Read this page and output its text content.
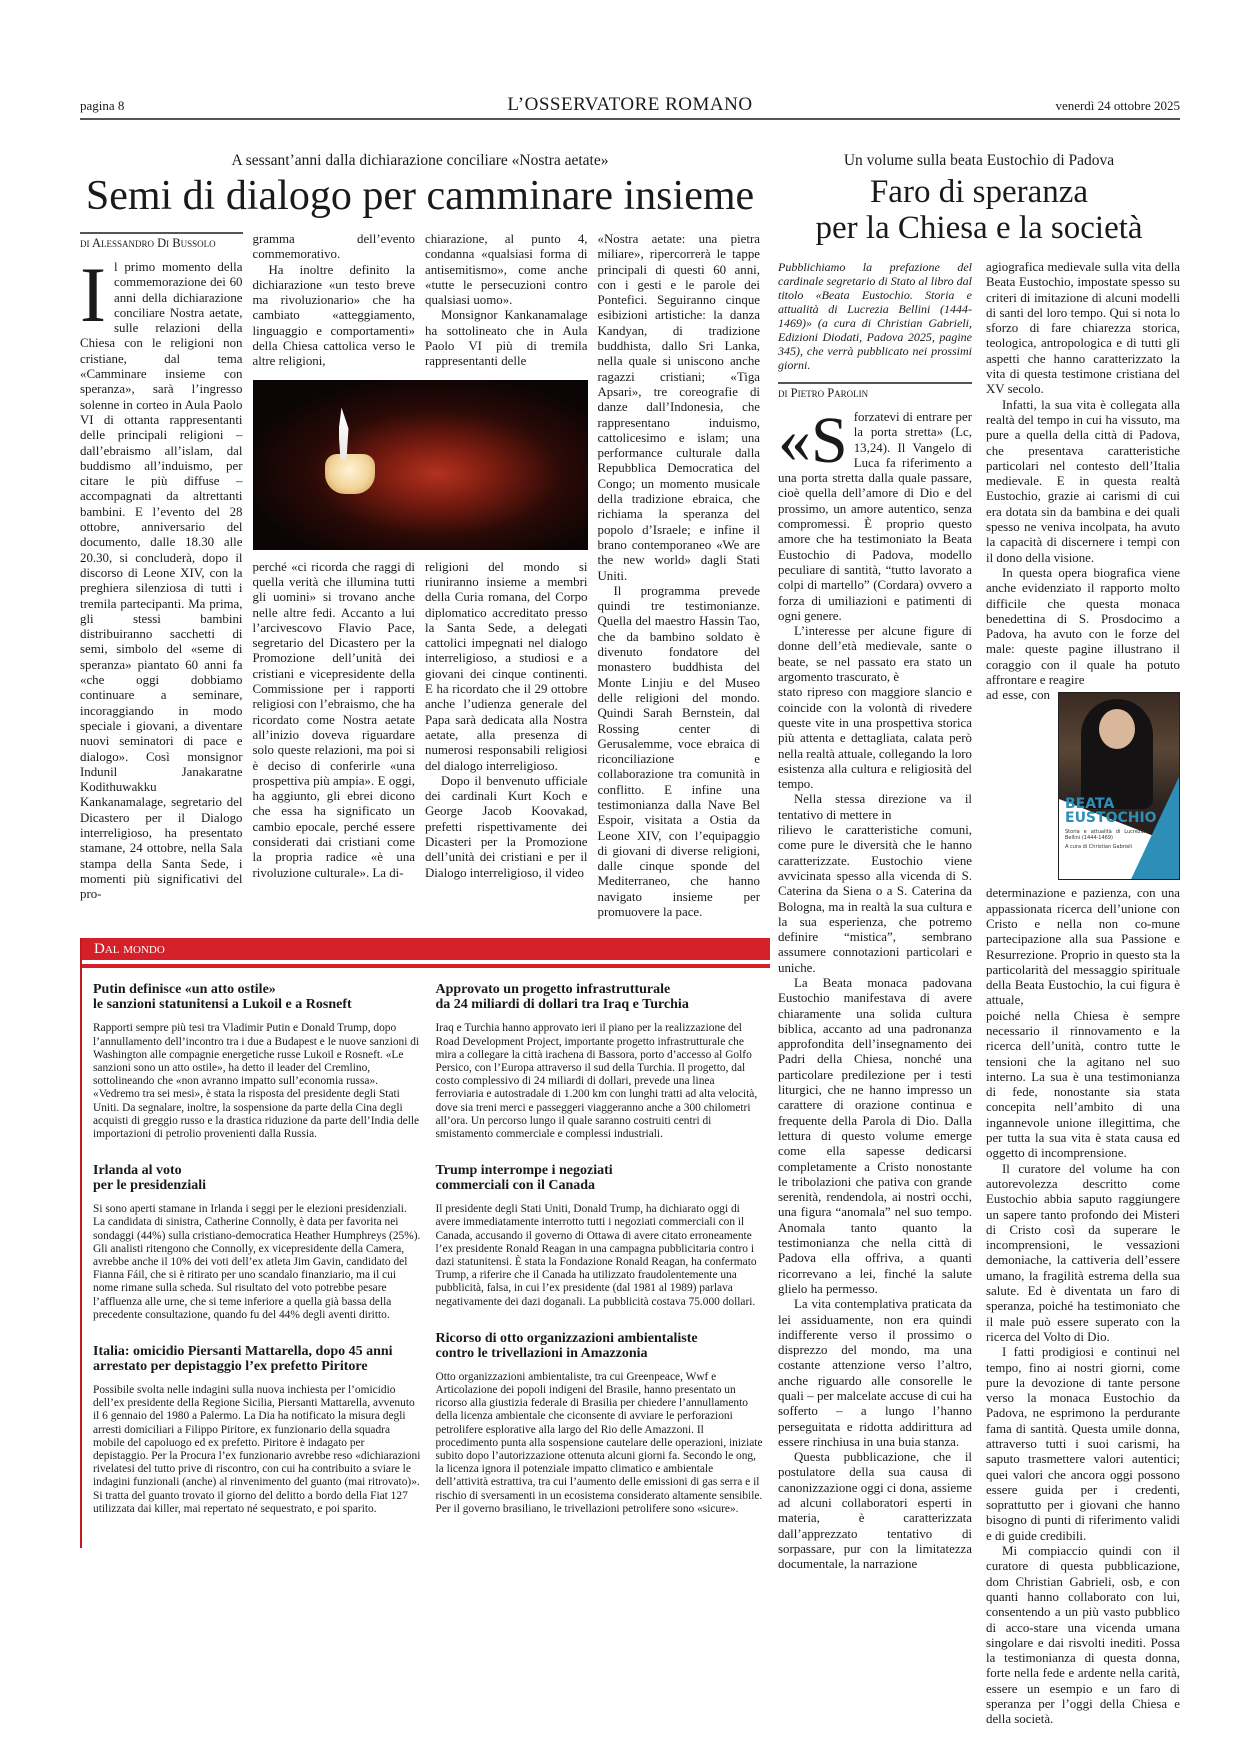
pagina 8	L’OSSERVATORE ROMANO	venerdì 24 ottobre 2025
A sessant’anni dalla dichiarazione conciliare «Nostra aetate»
Semi di dialogo per camminare insieme
di Alessandro Di Bussolo
I l primo momento della commemorazione dei 60 anni della dichiarazione conciliare Nostra aetate, sulle relazioni della Chiesa con le religioni non cristiane, dal tema «Camminare insieme con speranza», sarà l’ingresso solenne in corteo in Aula Paolo VI di ottanta rappresentanti delle principali religioni – dall’ebraismo all’islam, dal buddismo all’induismo, per citare le più diffuse – accompagnati da altrettanti bambini. E l’evento del 28 ottobre, anniversario del documento, dalle 18.30 alle 20.30, si concluderà, dopo il discorso di Leone XIV, con la preghiera silenziosa di tutti i tremila partecipanti. Ma prima, gli stessi bambini distribuiranno sacchetti di semi, simbolo del «seme di speranza» piantato 60 anni fa «che oggi dobbiamo continuare a seminare, incoraggiando in modo speciale i giovani, a diventare nuovi seminatori di pace e dialogo». Così monsignor Indunil Janakaratne Kodithuwakku Kankanamalage, segretario del Dicastero per il Dialogo interreligioso, ha presentato stamane, 24 ottobre, nella Sala stampa della Santa Sede, i momenti più significativi del pro-

gramma dell’evento commemorativo.

Ha inoltre definito la dichiarazione «un testo breve ma rivoluzionario» che ha cambiato «atteggiamento, linguaggio e comportamenti» della Chiesa cattolica verso le altre religioni,

perché «ci ricorda che raggi di quella verità che illumina tutti gli uomini» si trovano anche nelle altre fedi. Accanto a lui l’arcivescovo Flavio Pace, segretario del Dicastero per la Promozione dell’unità dei cristiani e vicepresidente della Commissione per i rapporti religiosi con l’ebraismo, che ha ricordato come Nostra aetate all’inizio doveva riguardare solo queste relazioni, ma poi si è deciso di conferirle «una prospettiva più ampia». E oggi, ha aggiunto, gli ebrei dicono che essa ha significato un cambio epocale, perché essere considerati dai cristiani come la propria radice «è una rivoluzione culturale». La di-

chiarazione, al punto 4, condanna «qualsiasi forma di antisemitismo», come anche «tutte le persecuzioni contro qualsiasi uomo».

Monsignor Kankanamalage ha sottolineato che in Aula Paolo VI più di tremila rappresentanti delle

religioni del mondo si riuniranno insieme a membri della Curia romana, del Corpo diplomatico accreditato presso la Santa Sede, a delegati cattolici impegnati nel dialogo interreligioso, a studiosi e a giovani dei cinque continenti. E ha ricordato che il 29 ottobre anche l’udienza generale del Papa sarà dedicata alla Nostra aetate, alla presenza di numerosi responsabili religiosi del dialogo interreligioso.

Dopo il benvenuto ufficiale dei cardinali Kurt Koch e George Jacob Koovakad, prefetti rispettivamente dei Dicasteri per la Promozione dell’unità dei cristiani e per il Dialogo interreligioso, il video

«Nostra aetate: una pietra miliare», ripercorrerà le tappe principali di questi 60 anni, con i gesti e le parole dei Pontefici. Seguiranno cinque esibizioni artistiche: la danza Kandyan, di tradizione buddhista, dallo Sri Lanka, nella quale si uniscono anche ragazzi cristiani; «Tiga Apsari», tre coreografie di danze dall’Indonesia, che rappresentano induismo, cattolicesimo e islam; una performance culturale dalla Repubblica Democratica del Congo; un momento musicale della tradizione ebraica, che richiama la speranza del popolo d’Israele; e infine il brano contemporaneo «We are the new world» dagli Stati Uniti.

Il programma prevede quindi tre testimonianze. Quella del maestro Hassin Tao, che da bambino soldato è divenuto fondatore del monastero buddhista del Monte Linjiu e del Museo delle religioni del mondo. Quindi Sarah Bernstein, dal Rossing center di Gerusalemme, voce ebraica di riconciliazione e collaborazione tra comunità in conflitto. E infine una testimonianza dalla Nave Bel Espoir, visitata a Ostia da Leone XIV, con l’equipaggio di giovani di diverse religioni, dalle cinque sponde del Mediterraneo, che hanno navigato insieme per promuovere la pace.

Dal mondo
Putin definisce «un atto ostile»
le sanzioni statunitensi a Lukoil e a Rosneft
Rapporti sempre più tesi tra Vladimir Putin e Donald Trump, dopo l’annullamento dell’incontro tra i due a Budapest e le nuove sanzioni di Washington alle compagnie energetiche russe Lukoil e Rosneft. «Le sanzioni sono un atto ostile», ha detto il leader del Cremlino, sottolineando che «non avranno impatto sull’economia russa». «Vedremo tra sei mesi», è stata la risposta del presidente degli Stati Uniti. Da segnalare, inoltre, la sospensione da parte della Cina degli acquisti di greggio russo e la drastica riduzione da parte dell’India delle importazioni di petrolio provenienti dalla Russia.
Irlanda al voto
per le presidenziali
Si sono aperti stamane in Irlanda i seggi per le elezioni presidenziali. La candidata di sinistra, Catherine Connolly, è data per favorita nei sondaggi (44%) sulla cristiano-democratica Heather Humphreys (25%). Gli analisti ritengono che Connolly, ex vicepresidente della Camera, avrebbe anche il 10% dei voti dell’ex atleta Jim Gavin, candidato del Fianna Fáil, che si è ritirato per uno scandalo finanziario, ma il cui nome rimane sulla scheda. Sul risultato del voto potrebbe pesare l’affluenza alle urne, che si teme inferiore a quella già bassa della precedente consultazione, quando fu del 44% degli aventi diritto.
Italia: omicidio Piersanti Mattarella, dopo 45 anni
arrestato per depistaggio l’ex prefetto Piritore
Possibile svolta nelle indagini sulla nuova inchiesta per l’omicidio dell’ex presidente della Regione Sicilia, Piersanti Mattarella, avvenuto il 6 gennaio del 1980 a Palermo. La Dia ha notificato la misura degli arresti domiciliari a Filippo Piritore, ex funzionario della squadra mobile del capoluogo ed ex prefetto. Piritore è indagato per depistaggio. Per la Procura l’ex funzionario avrebbe reso «dichiarazioni rivelatesi del tutto prive di riscontro, con cui ha contribuito a sviare le indagini funzionali (anche) al rinvenimento del guanto (mai ritrovato)». Si tratta del guanto trovato il giorno del delitto a bordo della Fiat 127 utilizzata dai killer, mai repertato né sequestrato, e poi sparito.
Approvato un progetto infrastrutturale
da 24 miliardi di dollari tra Iraq e Turchia
Iraq e Turchia hanno approvato ieri il piano per la realizzazione del Road Development Project, importante progetto infrastrutturale che mira a collegare la città irachena di Bassora, porto d’accesso al Golfo Persico, con l’Europa attraverso il sud della Turchia. Il progetto, dal costo complessivo di 24 miliardi di dollari, prevede una linea ferroviaria e autostradale di 1.200 km con lunghi tratti ad alta velocità, dove sia treni merci e passeggeri viaggeranno anche a 300 chilometri all’ora. Un percorso lungo il quale saranno costruiti centri di smistamento commerciale e complessi industriali.
Trump interrompe i negoziati
commerciali con il Canada
Il presidente degli Stati Uniti, Donald Trump, ha dichiarato oggi di avere immediatamente interrotto tutti i negoziati commerciali con il Canada, accusando il governo di Ottawa di avere citato erroneamente l’ex presidente Ronald Reagan in una campagna pubblicitaria contro i dazi statunitensi. È stata la Fondazione Ronald Reagan, ha confermato Trump, a riferire che il Canada ha utilizzato fraudolentemente una pubblicità, falsa, in cui l’ex presidente (dal 1981 al 1989) parlava negativamente dei dazi doganali. La pubblicità costava 75.000 dollari.
Ricorso di otto organizzazioni ambientaliste
contro le trivellazioni in Amazzonia
Otto organizzazioni ambientaliste, tra cui Greenpeace, Wwf e Articolazione dei popoli indigeni del Brasile, hanno presentato un ricorso alla giustizia federale di Brasilia per chiedere l’annullamento della licenza ambientale che ciconsente di avviare le perforazioni petrolifere esplorative alla largo del Rio delle Amazzoni. Il procedimento punta alla sospensione cautelare delle operazioni, iniziate subito dopo l’autorizzazione ottenuta alcuni giorni fa. Secondo le ong, la licenza ignora il potenziale impatto climatico e ambientale dell’attività estrattiva, tra cui l’aumento delle emissioni di gas serra e il rischio di sversamenti in un ecosistema considerato altamente sensibile. Per il governo brasiliano, le trivellazioni petrolifere sono «sicure».
Un volume sulla beata Eustochio di Padova
Faro di speranza
per la Chiesa e la società
Pubblichiamo la prefazione del cardinale segretario di Stato al libro dal titolo «Beata Eustochio. Storia e attualità di Lucrezia Bellini (1444-1469)» (a cura di Christian Gabrieli, Edizioni Diodati, Padova 2025, pagine 345), che verrà pubblicato nei prossimi giorni.
di Pietro Parolin
«S forzatevi di entrare per la porta stretta» (Lc, 13,24). Il Vangelo di Luca fa riferimento a una porta stretta dalla quale passare, cioè quella dell’amore di Dio e del prossimo, un amore autentico, senza compromessi. È proprio questo amore che ha testimoniato la Beata Eustochio di Padova, modello peculiare di santità, “tutto lavorato a colpi di martello” (Cordara) ovvero a forza di umiliazioni e patimenti di ogni genere.

L’interesse per alcune figure di donne dell’età medievale, sante o beate, se nel passato era stato un argomento trascurato, è

stato ripreso con maggiore slancio e coincide con la volontà di rivedere queste vite in una prospettiva storica più attenta e dettagliata, calata però nella realtà attuale, collegando la loro esistenza alla cultura e religiosità del tempo.

Nella stessa direzione va il tentativo di mettere in

rilievo le caratteristiche comuni, come pure le diversità che le hanno caratterizzate. Eustochio viene avvicinata spesso alla vicenda di S. Caterina da Siena o a S. Caterina da Bologna, ma in realtà la sua cultura e la sua esperienza, che potremo definire “mistica”, sembrano assumere connotazioni particolari e uniche.

La Beata monaca padovana Eustochio manifestava di avere chiaramente una solida cultura biblica, accanto ad una padronanza approfondita dell’insegnamento dei Padri della Chiesa, nonché una particolare predilezione per i testi liturgici, che ne hanno impresso un carattere di orazione continua e frequente della Parola di Dio. Dalla lettura di questo volume emerge come ella sapesse dedicarsi completamente a Cristo nonostante le tribolazioni che pativa con grande serenità, rendendola, ai nostri occhi, una figura “anomala” nel suo tempo. Anomala tanto quanto la testimonianza che nella città di Padova ella offriva, a quanti ricorrevano a lei, finché la salute glielo ha permesso.

La vita contemplativa praticata da lei assiduamente, non era quindi indifferente verso il prossimo o disprezzo del mondo, ma una costante attenzione verso l’altro, anche riguardo alle consorelle le quali – per malcelate accuse di cui ha sofferto – a lungo l’hanno perseguitata e ridotta addirittura ad essere rinchiusa in una buia stanza.

Questa pubblicazione, che il postulatore della sua causa di canonizzazione oggi ci dona, assieme ad alcuni collaboratori esperti in materia, è caratterizzata dall’apprezzato tentativo di sorpassare, pur con la limitatezza documentale, la narrazione

agiografica medievale sulla vita della Beata Eustochio, impostate spesso su criteri di imitazione di alcuni modelli di santi del loro tempo. Qui si nota lo sforzo di fare chiarezza storica, teologica, antropologica e di tutti gli aspetti che hanno caratterizzato la vita di questa testimone cristiana del XV secolo.

Infatti, la sua vita è collegata alla realtà del tempo in cui ha vissuto, ma pure a quella della città di Padova, che presentava caratteristiche particolari nel contesto dell’Italia medievale. E in questa realtà Eustochio, grazie ai carismi di cui era dotata sin da bambina e dei quali spesso ne veniva incolpata, ha avuto la capacità di discernere i tempi con il dono della visione.

In questa opera biografica viene anche evidenziato il rapporto molto difficile che questa monaca benedettina di S. Prosdocimo a Padova, ha avuto con le forze del male: queste pagine illustrano il coraggio con il quale ha potuto affrontare e reagire

BEATA
EUSTOCHIO
Storia e attualità di Lucrezia Bellini (1444-1469)
A cura di Christian Gabrieli

ad esse, con determinazione e pazienza, con una appassionata ricerca dell’unione con Cristo e nella non co-mune partecipazione alla sua Passione e Resurrezione. Proprio in questo sta la particolarità del messaggio spirituale della Beata Eustochio, la cui figura è attuale,

poiché nella Chiesa è sempre necessario il rinnovamento e la ricerca dell’unità, contro tutte le tensioni che la agitano nel suo interno. La sua è una testimonianza di fede, nonostante sia stata concepita nell’ambito di una ingannevole unione illegittima, che per tutta la sua vita è stata causa ed oggetto di incomprensione.

Il curatore del volume ha con autorevolezza descritto come Eustochio abbia saputo raggiungere un sapere tanto profondo dei Misteri di Cristo così da superare le incomprensioni, le vessazioni demoniache, la cattiveria dell’essere umano, la fragilità estrema della sua salute. Ed è diventata un faro di speranza, poiché ha testimoniato che il male può essere superato con la ricerca del Volto di Dio.

I fatti prodigiosi e continui nel tempo, fino ai nostri giorni, come pure la devozione di tante persone verso la monaca Eustochio da Padova, ne esprimono la perdurante fama di santità. Questa umile donna, attraverso tutti i suoi carismi, ha saputo trasmettere valori autentici; quei valori che ancora oggi possono essere guida per i credenti, soprattutto per i giovani che hanno bisogno di punti di riferimento validi e di guide credibili.

Mi compiaccio quindi con il curatore di questa pubblicazione, dom Christian Gabrieli, osb, e con quanti hanno collaborato con lui, consentendo a un più vasto pubblico di acco-stare una vicenda umana singolare e dai risvolti inediti. Possa la testimonianza di questa donna, forte nella fede e ardente nella carità, essere un esempio e un faro di speranza per l’oggi della Chiesa e della società.
